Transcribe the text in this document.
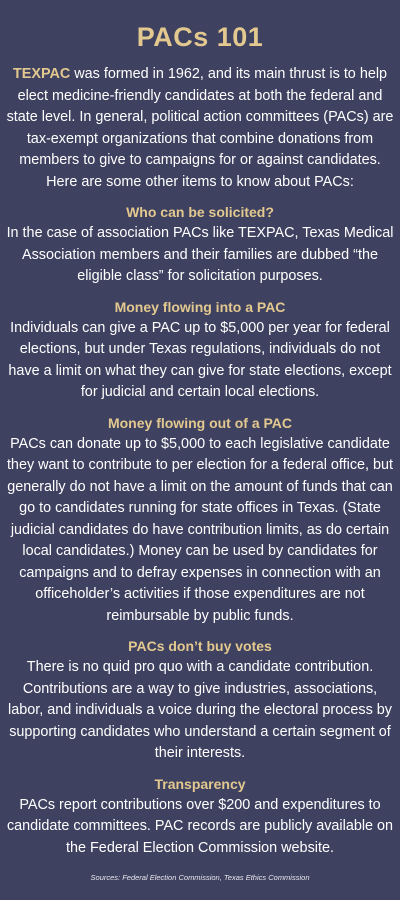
PACs 101

TEXPAC was formed in 1962, and its main thrust is to help elect medicine-friendly candidates at both the federal and state level. In general, political action committees (PACs) are tax-exempt organizations that combine donations from members to give to campaigns for or against candidates. Here are some other items to know about PACs:

Who can be solicited?

In the case of association PACs like TEXPAC, Texas Medical Association members and their families are dubbed “the eligible class” for solicitation purposes.

Money flowing into a PAC

Individuals can give a PAC up to $5,000 per year for federal elections, but under Texas regulations, individuals do not have a limit on what they can give for state elections, except for judicial and certain local elections.

Money flowing out of a PAC

PACs can donate up to $5,000 to each legislative candidate they want to contribute to per election for a federal office, but generally do not have a limit on the amount of funds that can go to candidates running for state offices in Texas. (State judicial candidates do have contribution limits, as do certain local candidates.) Money can be used by candidates for campaigns and to defray expenses in connection with an officeholder’s activities if those expenditures are not reimbursable by public funds.

PACs don’t buy votes

There is no quid pro quo with a candidate contribution. Contributions are a way to give industries, associations, labor, and individuals a voice during the electoral process by supporting candidates who understand a certain segment of their interests.

Transparency

PACs report contributions over $200 and expenditures to candidate committees. PAC records are publicly available on the Federal Election Commission website.

Sources: Federal Election Commission, Texas Ethics Commission
